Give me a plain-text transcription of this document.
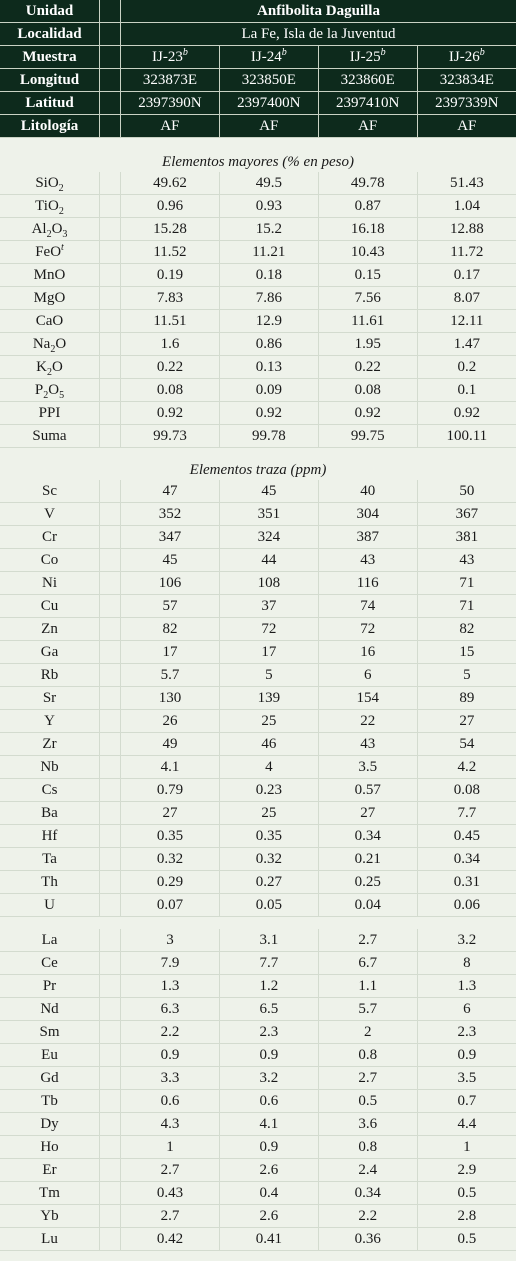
Unidad		Anfibolita Daguilla			
Localidad		La Fe, Isla de la Juventud			
Muestra		IJ-23$^b$	IJ-24$^b$	IJ-25$^b$	IJ-26$^b$
Longitud		323873E	323850E	323860E	323834E
Latitud		2397390N	2397400N	2397410N	2397339N
Litología		AF	AF	AF	AF
Elementos mayores (% en peso)
SiO$_2$		49.62	49.5	49.78	51.43
TiO$_2$		0.96	0.93	0.87	1.04
$Al_2O_3$		15.28	15.2	16.18	12.88
FeO$^t$		11.52	11.21	10.43	11.72
MnO		0.19	0.18	0.15	0.17
MgO		7.83	7.86	7.56	8.07
CaO		11.51	12.9	11.61	12.11
$Na_2O$		1.6	0.86	1.95	1.47
$K_2O$		0.22	0.13	0.22	0.2
$P_2O_5$		0.08	0.09	0.08	0.1
PPI		0.92	0.92	0.92	0.92
Suma		99.73	99.78	99.75	100.11
Elementos traza (ppm)
Sc		47	45	40	50
V		352	351	304	367
Cr		347	324	387	381
Co		45	44	43	43
Ni		106	108	116	71
Cu		57	37	74	71
Zn		82	72	72	82
Ga		17	17	16	15
Rb		5.7	5	6	5
Sr		130	139	154	89
Y		26	25	22	27
Zr		49	46	43	54
Nb		4.1	4	3.5	4.2
Cs		0.79	0.23	0.57	0.08
Ba		27	25	27	7.7
Hf		0.35	0.35	0.34	0.45
Ta		0.32	0.32	0.21	0.34
Th		0.29	0.27	0.25	0.31
U		0.07	0.05	0.04	0.06
La		3	3.1	2.7	3.2
Ce		7.9	7.7	6.7	8
Pr		1.3	1.2	1.1	1.3
Nd		6.3	6.5	5.7	6
Sm		2.2	2.3	2	2.3
Eu		0.9	0.9	0.8	0.9
Gd		3.3	3.2	2.7	3.5
Tb		0.6	0.6	0.5	0.7
Dy		4.3	4.1	3.6	4.4
Ho		1	0.9	0.8	1
Er		2.7	2.6	2.4	2.9
Tm		0.43	0.4	0.34	0.5
Yb		2.7	2.6	2.2	2.8
Lu		0.42	0.41	0.36	0.5
